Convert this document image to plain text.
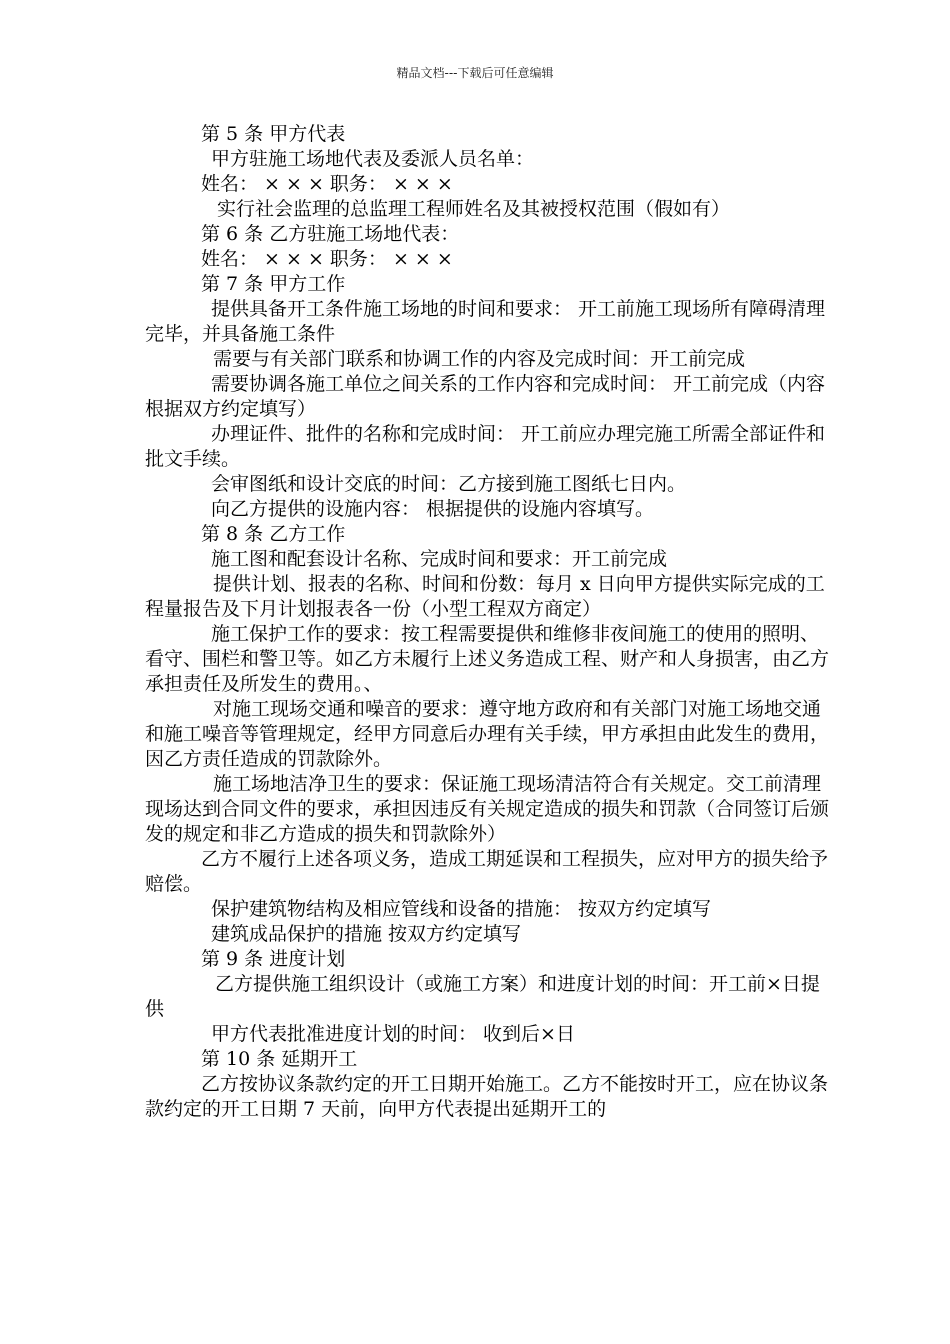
精品文档---下载后可任意编辑

第 5 条 甲方代表

甲方驻施工场地代表及委派人员名单：

姓名： × × × 职务： × × ×

实行社会监理的总监理工程师姓名及其被授权范围（假如有）

第 6 条 乙方驻施工场地代表：

姓名： × × × 职务： × × ×

第 7 条 甲方工作

提供具备开工条件施工场地的时间和要求： 开工前施工现场所有障碍清理完毕，并具备施工条件

需要与有关部门联系和协调工作的内容及完成时间：开工前完成

需要协调各施工单位之间关系的工作内容和完成时间： 开工前完成（内容根据双方约定填写）

办理证件、批件的名称和完成时间： 开工前应办理完施工所需全部证件和批文手续。

会审图纸和设计交底的时间：乙方接到施工图纸七日内。

向乙方提供的设施内容： 根据提供的设施内容填写。

第 8 条 乙方工作

施工图和配套设计名称、完成时间和要求：开工前完成

提供计划、报表的名称、时间和份数：每月 x 日向甲方提供实际完成的工程量报告及下月计划报表各一份（小型工程双方商定）

施工保护工作的要求：按工程需要提供和维修非夜间施工的使用的照明、看守、围栏和警卫等。如乙方未履行上述义务造成工程、财产和人身损害，由乙方承担责任及所发生的费用。、

对施工现场交通和噪音的要求：遵守地方政府和有关部门对施工场地交通和施工噪音等管理规定，经甲方同意后办理有关手续，甲方承担由此发生的费用，因乙方责任造成的罚款除外。

施工场地洁净卫生的要求：保证施工现场清洁符合有关规定。交工前清理现场达到合同文件的要求，承担因违反有关规定造成的损失和罚款（合同签订后颁发的规定和非乙方造成的损失和罚款除外）

乙方不履行上述各项义务，造成工期延误和工程损失，应对甲方的损失给予赔偿。

保护建筑物结构及相应管线和设备的措施： 按双方约定填写

建筑成品保护的措施 按双方约定填写

第 9 条 进度计划

乙方提供施工组织设计（或施工方案）和进度计划的时间：开工前×日提供

甲方代表批准进度计划的时间： 收到后×日

第 10 条 延期开工

乙方按协议条款约定的开工日期开始施工。乙方不能按时开工，应在协议条款约定的开工日期 7 天前，向甲方代表提出延期开工的
